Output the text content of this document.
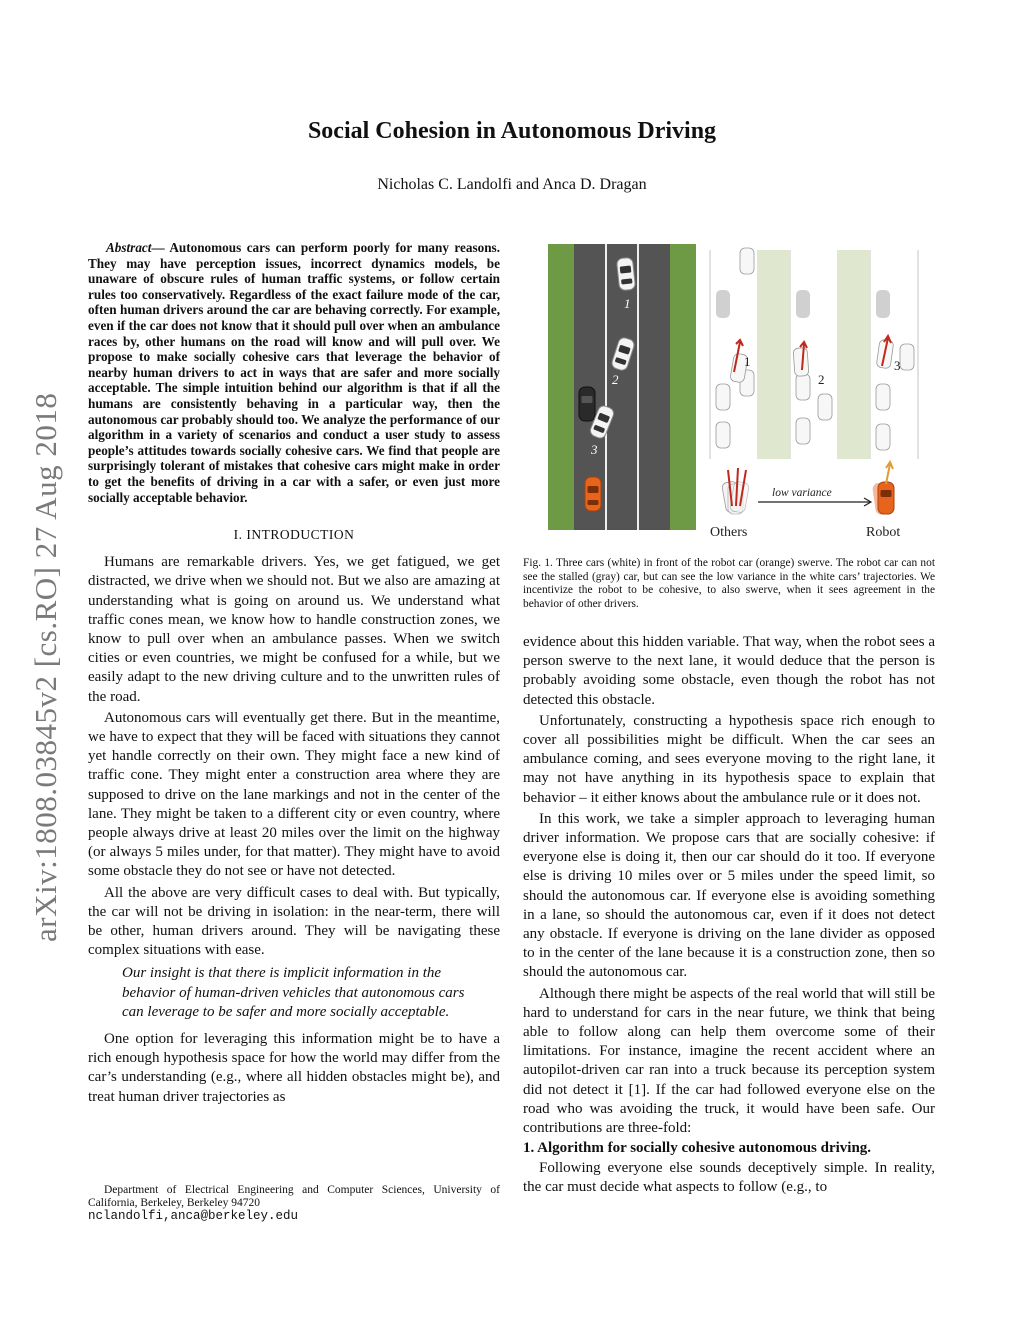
Social Cohesion in Autonomous Driving
Nicholas C. Landolfi and Anca D. Dragan
arXiv:1808.03845v2 [cs.RO] 27 Aug 2018

Abstract— Autonomous cars can perform poorly for many reasons. They may have perception issues, incorrect dynamics models, be unaware of obscure rules of human traffic systems, or follow certain rules too conservatively. Regardless of the exact failure mode of the car, often human drivers around the car are behaving correctly. For example, even if the car does not know that it should pull over when an ambulance races by, other humans on the road will know and will pull over. We propose to make socially cohesive cars that leverage the behavior of nearby human drivers to act in ways that are safer and more socially acceptable. The simple intuition behind our algorithm is that if all the humans are consistently behaving in a particular way, then the autonomous car probably should too. We analyze the performance of our algorithm in a variety of scenarios and conduct a user study to assess people’s attitudes towards socially cohesive cars. We find that people are surprisingly tolerant of mistakes that cohesive cars might make in order to get the benefits of driving in a car with a safer, or even just more socially acceptable behavior.

I. INTRODUCTION

Humans are remarkable drivers. Yes, we get fatigued, we get distracted, we drive when we should not. But we also are amazing at understanding what is going on around us. We understand what traffic cones mean, we know how to handle construction zones, we know to pull over when an ambulance passes. When we switch cities or even countries, we might be confused for a while, but we easily adapt to the new driving culture and to the unwritten rules of the road.

Autonomous cars will eventually get there. But in the meantime, we have to expect that they will be faced with situations they cannot yet handle correctly on their own. They might face a new kind of traffic cone. They might enter a construction area where they are supposed to drive on the lane markings and not in the center of the lane. They might be taken to a different city or even country, where people always drive at least 20 miles over the limit on the highway (or always 5 miles under, for that matter). They might have to avoid some obstacle they do not see or have not detected.

All the above are very difficult cases to deal with. But typically, the car will not be driving in isolation: in the near-term, there will be other, human drivers around. They will be navigating these complex situations with ease.

Our insight is that there is implicit information in the behavior of human-driven vehicles that autonomous cars can leverage to be safer and more socially acceptable.

One option for leveraging this information might be to have a rich enough hypothesis space for how the world may differ from the car’s understanding (e.g., where all hidden obstacles might be), and treat human driver trajectories as

Department of Electrical Engineering and Computer Sciences, University of California, Berkeley, Berkeley 94720
nclandolfi,anca@berkeley.edu
1
2
3
1
2
3
low variance
Others	Robot
Fig. 1. Three cars (white) in front of the robot car (orange) swerve. The robot car can not see the stalled (gray) car, but can see the low variance in the white cars’ trajectories. We incentivize the robot to be cohesive, to also swerve, when it sees agreement in the behavior of other drivers.

evidence about this hidden variable. That way, when the robot sees a person swerve to the next lane, it would deduce that the person is probably avoiding some obstacle, even though the robot has not detected this obstacle.

Unfortunately, constructing a hypothesis space rich enough to cover all possibilities might be difficult. When the car sees an ambulance coming, and sees everyone moving to the right lane, it may not have anything in its hypothesis space to explain that behavior – it either knows about the ambulance rule or it does not.

In this work, we take a simpler approach to leveraging human driver information. We propose cars that are socially cohesive: if everyone else is doing it, then our car should do it too. If everyone else is driving 10 miles over or 5 miles under the speed limit, so should the autonomous car. If everyone else is avoiding something in a lane, so should the autonomous car, even if it does not detect any obstacle. If everyone is driving on the lane divider as opposed to in the center of the lane because it is a construction zone, then so should the autonomous car.

Although there might be aspects of the real world that will still be hard to understand for cars in the near future, we think that being able to follow along can help them overcome some of their limitations. For instance, imagine the recent accident where an autopilot-driven car ran into a truck because its perception system did not detect it [1]. If the car had followed everyone else on the road who was avoiding the truck, it would have been safe. Our contributions are three-fold:

1. Algorithm for socially cohesive autonomous driving.

Following everyone else sounds deceptively simple. In reality, the car must decide what aspects to follow (e.g., to
